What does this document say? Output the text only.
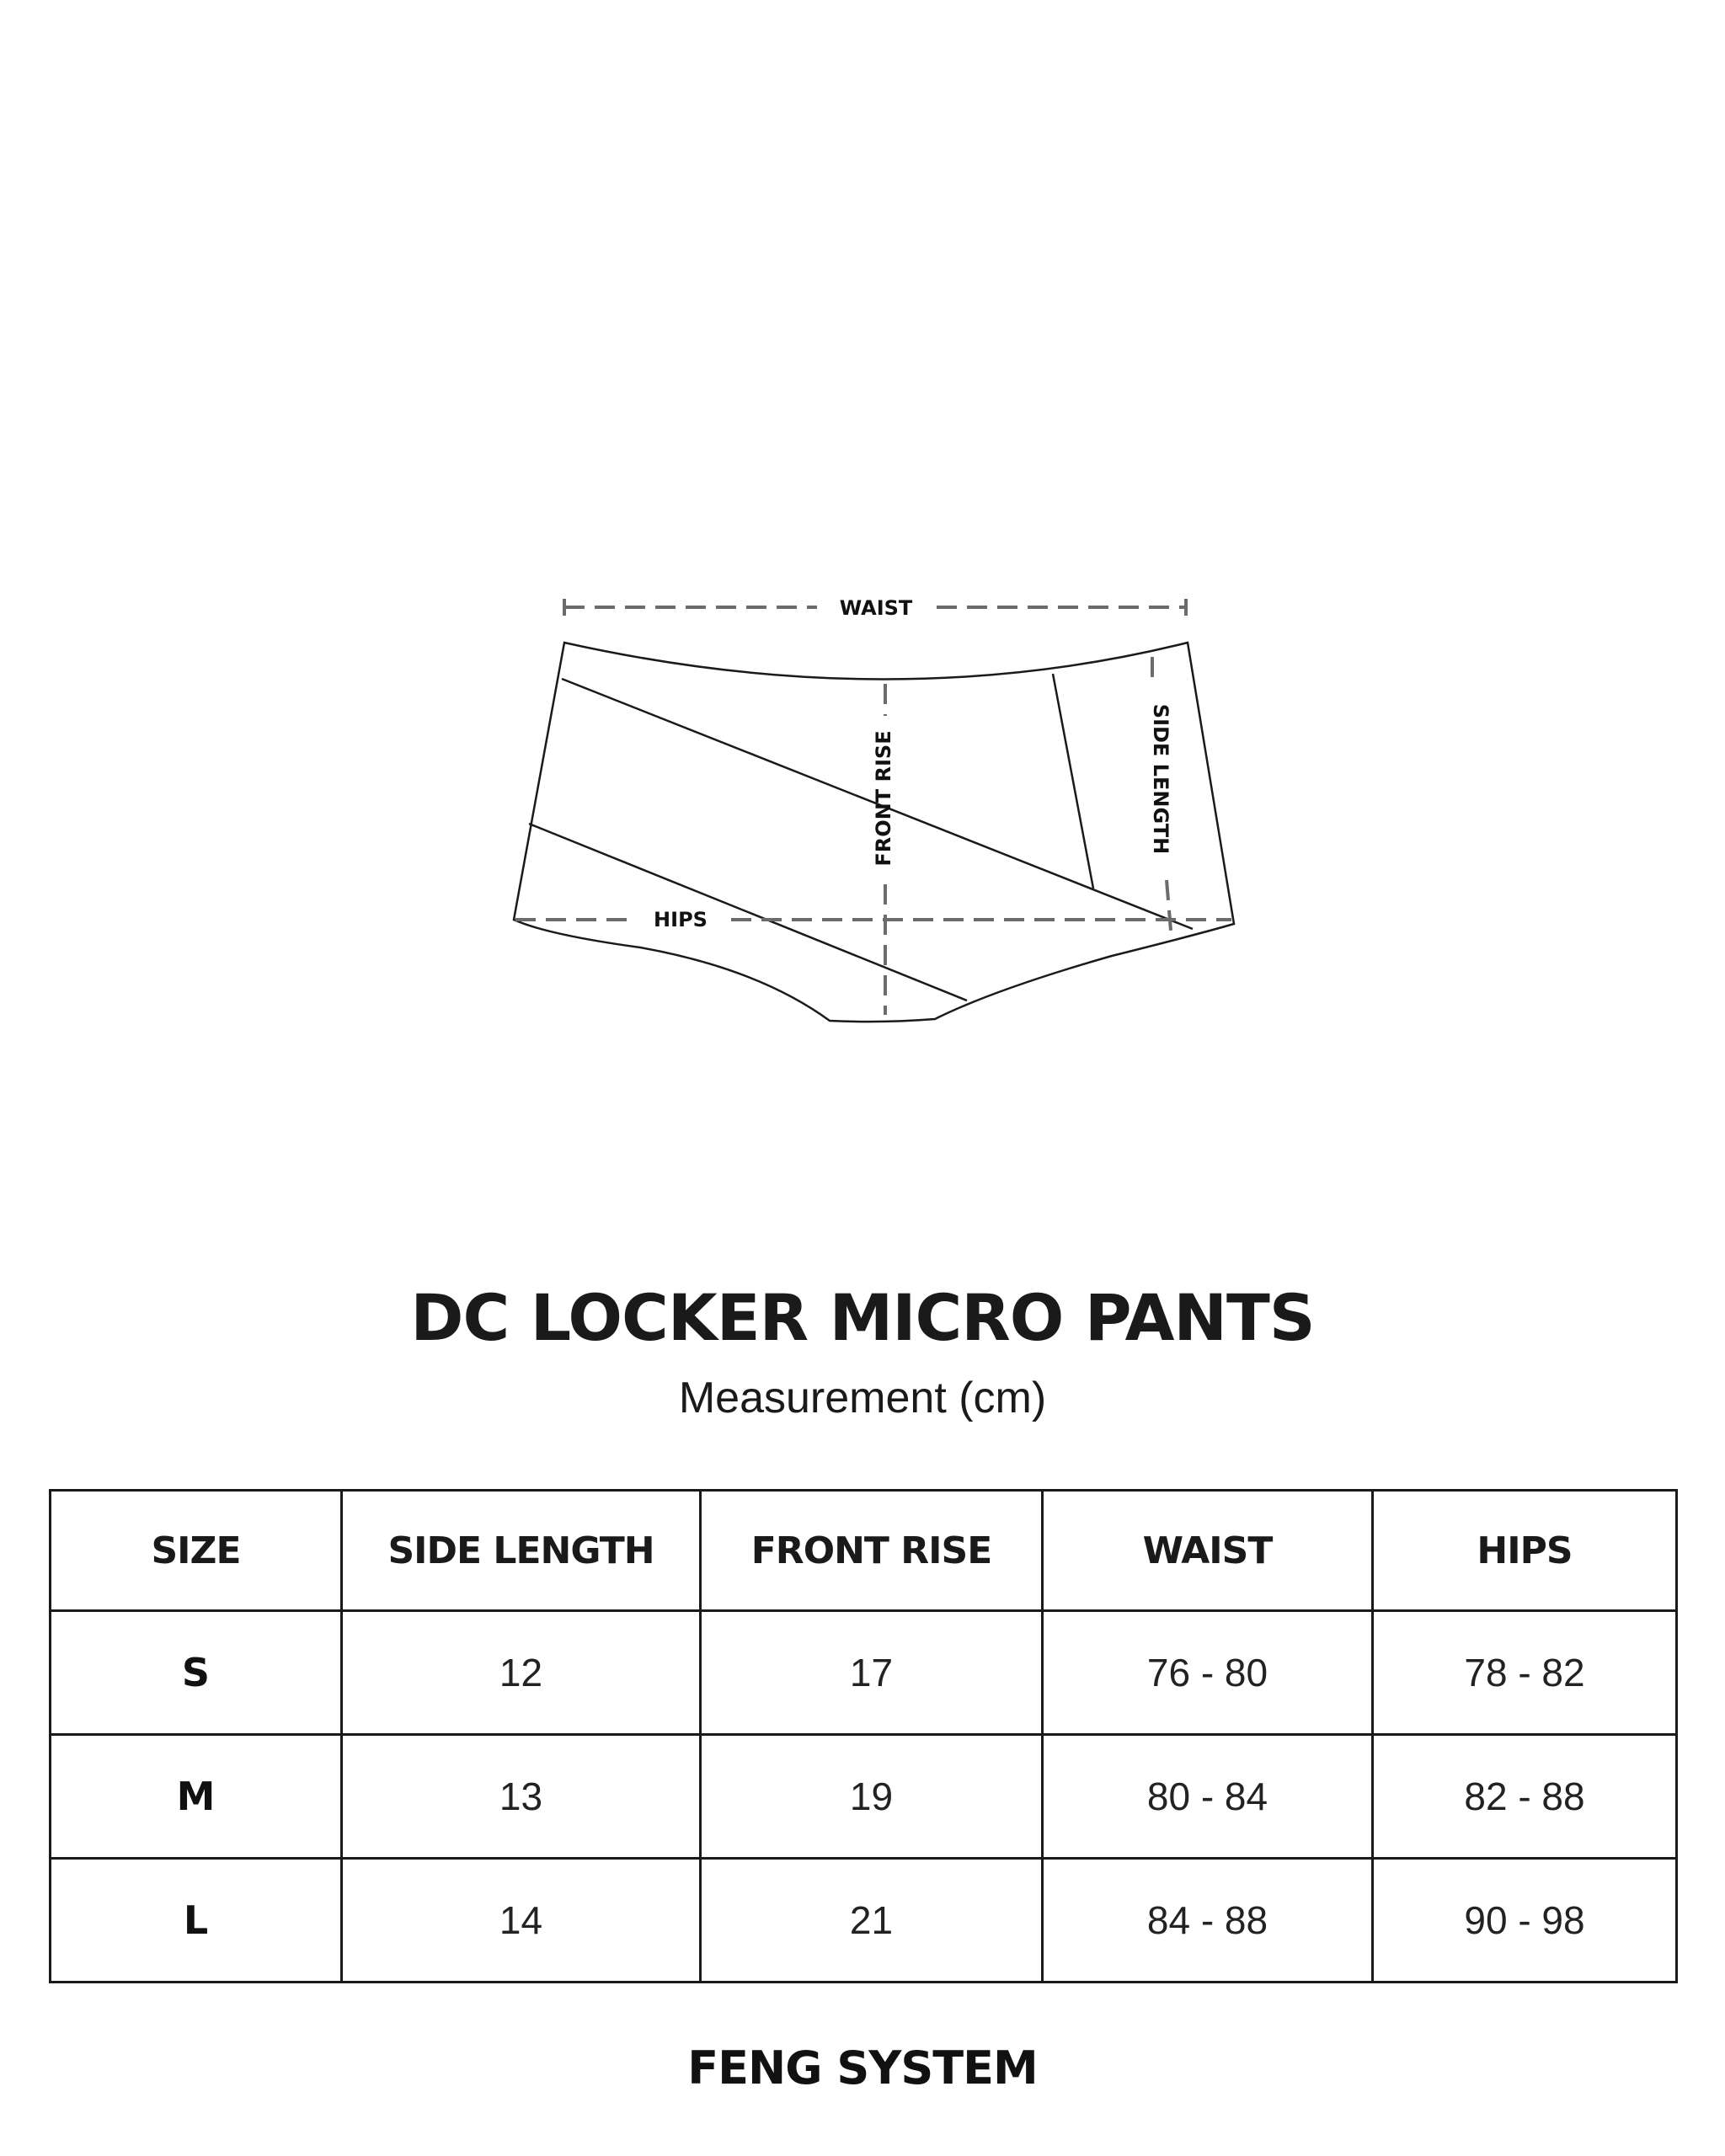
WAIST
HIPS
FRONT RISE	SIDE LENGTH
DC LOCKER MICRO PANTS
Measurement (cm)
SIZE	SIDE LENGTH	FRONT RISE	WAIST	HIPS
S	12	17	76 - 80	78 - 82
M	13	19	80 - 84	82 - 88
L	14	21	84 - 88	90 - 98
FENG SYSTEM
